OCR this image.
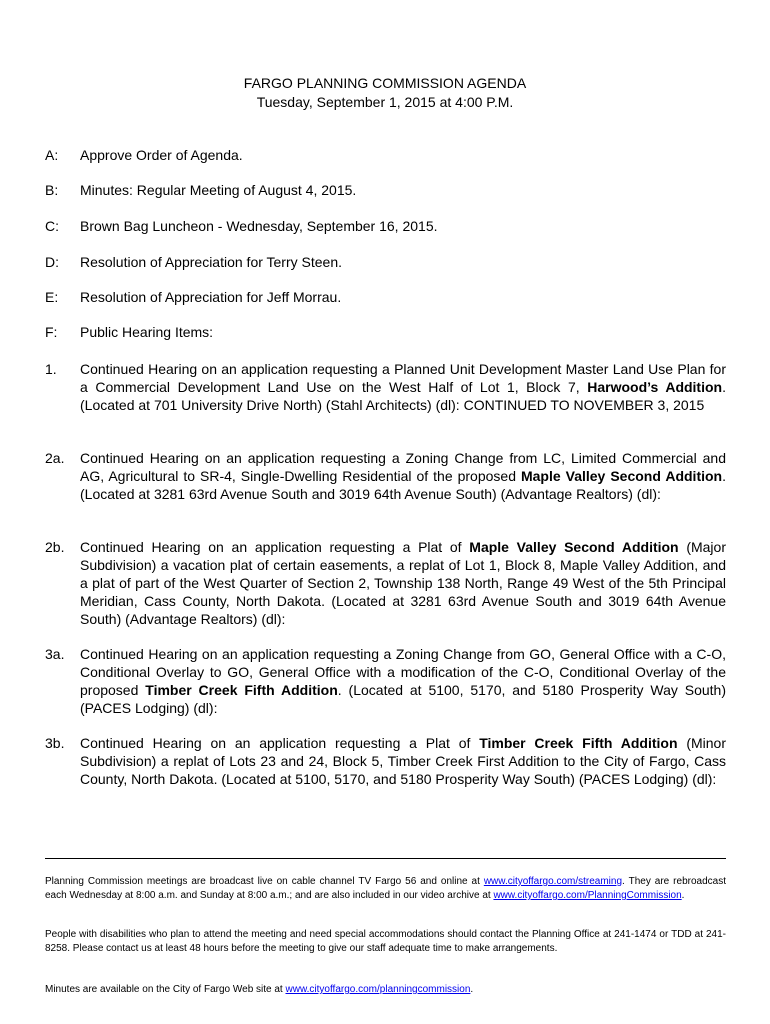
FARGO PLANNING COMMISSION AGENDA
Tuesday, September 1, 2015 at 4:00 P.M.
A: Approve Order of Agenda.
B: Minutes: Regular Meeting of August 4, 2015.
C: Brown Bag Luncheon - Wednesday, September 16, 2015.
D: Resolution of Appreciation for Terry Steen.
E: Resolution of Appreciation for Jeff Morrau.
F: Public Hearing Items:
1. Continued Hearing on an application requesting a Planned Unit Development Master Land Use Plan for a Commercial Development Land Use on the West Half of Lot 1, Block 7, Harwood’s Addition. (Located at 701 University Drive North) (Stahl Architects) (dl): CONTINUED TO NOVEMBER 3, 2015
2a. Continued Hearing on an application requesting a Zoning Change from LC, Limited Commercial and AG, Agricultural to SR-4, Single-Dwelling Residential of the proposed Maple Valley Second Addition. (Located at 3281 63rd Avenue South and 3019 64th Avenue South) (Advantage Realtors) (dl):
2b. Continued Hearing on an application requesting a Plat of Maple Valley Second Addition (Major Subdivision) a vacation plat of certain easements, a replat of Lot 1, Block 8, Maple Valley Addition, and a plat of part of the West Quarter of Section 2, Township 138 North, Range 49 West of the 5th Principal Meridian, Cass County, North Dakota. (Located at 3281 63rd Avenue South and 3019 64th Avenue South) (Advantage Realtors) (dl):
3a. Continued Hearing on an application requesting a Zoning Change from GO, General Office with a C-O, Conditional Overlay to GO, General Office with a modification of the C-O, Conditional Overlay of the proposed Timber Creek Fifth Addition. (Located at 5100, 5170, and 5180 Prosperity Way South) (PACES Lodging) (dl):
3b. Continued Hearing on an application requesting a Plat of Timber Creek Fifth Addition (Minor Subdivision) a replat of Lots 23 and 24, Block 5, Timber Creek First Addition to the City of Fargo, Cass County, North Dakota. (Located at 5100, 5170, and 5180 Prosperity Way South) (PACES Lodging) (dl):
Planning Commission meetings are broadcast live on cable channel TV Fargo 56 and online at www.cityoffargo.com/streaming. They are rebroadcast each Wednesday at 8:00 a.m. and Sunday at 8:00 a.m.; and are also included in our video archive at www.cityoffargo.com/PlanningCommission.
People with disabilities who plan to attend the meeting and need special accommodations should contact the Planning Office at 241-1474 or TDD at 241-8258. Please contact us at least 48 hours before the meeting to give our staff adequate time to make arrangements.
Minutes are available on the City of Fargo Web site at www.cityoffargo.com/planningcommission.
